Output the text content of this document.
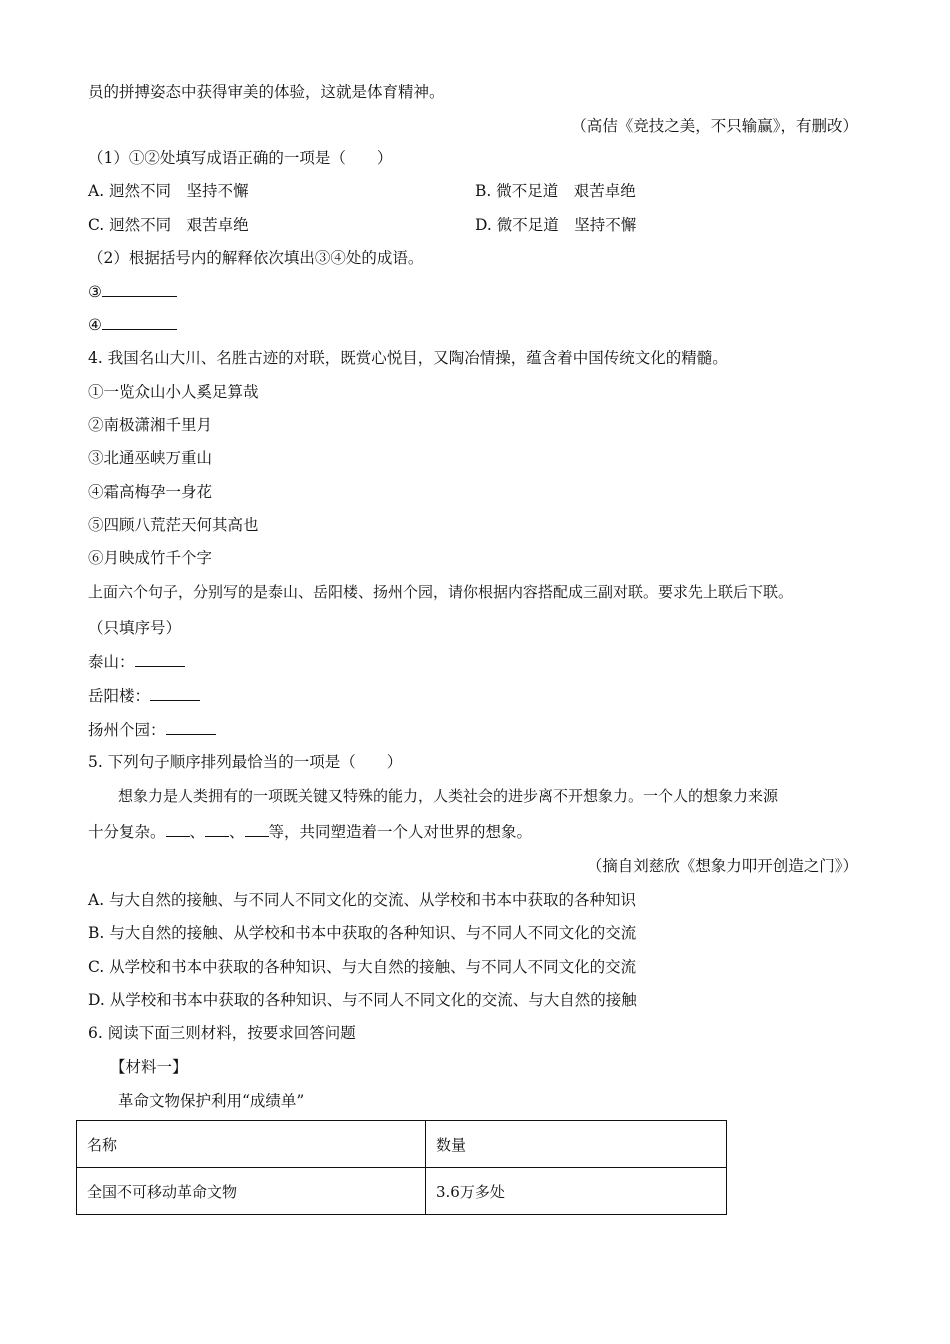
员的拼搏姿态中获得审美的体验，这就是体育精神。
（高佶《竞技之美，不只输赢》，有删改）
（1）①②处填写成语正确的一项是（　　）
A. 迥然不同　坚持不懈	B. 微不足道　艰苦卓绝
C. 迥然不同　艰苦卓绝	D. 微不足道　坚持不懈
（2）根据括号内的解释依次填出③④处的成语。
③
④
4. 我国名山大川、名胜古迹的对联，既赏心悦目，又陶冶情操，蕴含着中国传统文化的精髓。
①一览众山小人奚足算哉
②南极潇湘千里月
③北通巫峡万重山
④霜高梅孕一身花
⑤四顾八荒茫天何其高也
⑥月映成竹千个字
上面六个句子，分别写的是泰山、岳阳楼、扬州个园，请你根据内容搭配成三副对联。要求先上联后下联。
（只填序号）
泰山：
岳阳楼：
扬州个园：
5. 下列句子顺序排列最恰当的一项是（　　）
想象力是人类拥有的一项既关键又特殊的能力，人类社会的进步离不开想象力。一个人的想象力来源
十分复杂。 、 、 等，共同塑造着一个人对世界的想象。
（摘自刘慈欣《想象力叩开创造之门》）
A. 与大自然的接触、与不同人不同文化的交流、从学校和书本中获取的各种知识
B. 与大自然的接触、从学校和书本中获取的各种知识、与不同人不同文化的交流
C. 从学校和书本中获取的各种知识、与大自然的接触、与不同人不同文化的交流
D. 从学校和书本中获取的各种知识、与不同人不同文化的交流、与大自然的接触
6. 阅读下面三则材料，按要求回答问题
【材料一】
革命文物保护利用“成绩单”
名称	数量
全国不可移动革命文物	3.6万多处
